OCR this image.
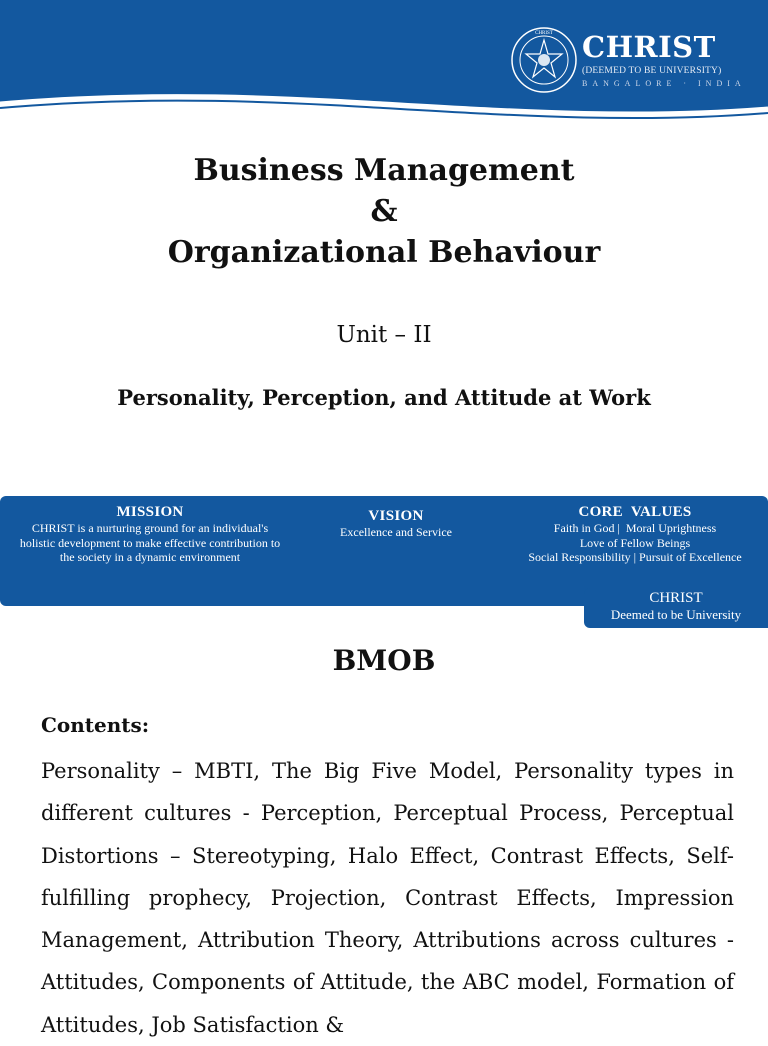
CHRIST CHRIST
(DEEMED TO BE UNIVERSITY)
BANGALORE · INDIA
Business Management
&
Organizational Behaviour
Unit – II
Personality, Perception, and Attitude at Work
MISSION
CHRIST is a nurturing ground for an individual's
holistic development to make effective contribution to
the society in a dynamic environment
VISION
Excellence and Service
CORE  VALUES
Faith in God |  Moral Uprightness
Love of Fellow Beings
Social Responsibility | Pursuit of Excellence
CHRIST
Deemed to be University
BMOB
Contents:
Personality – MBTI, The Big Five Model, Personality types in different cultures - Perception, Perceptual Process, Perceptual Distortions – Stereotyping, Halo Effect, Contrast Effects, Self-fulfilling prophecy, Projection, Contrast Effects, Impression Management, Attribution Theory, Attributions across cultures - Attitudes, Components of Attitude, the ABC model, Formation of Attitudes, Job Satisfaction &
